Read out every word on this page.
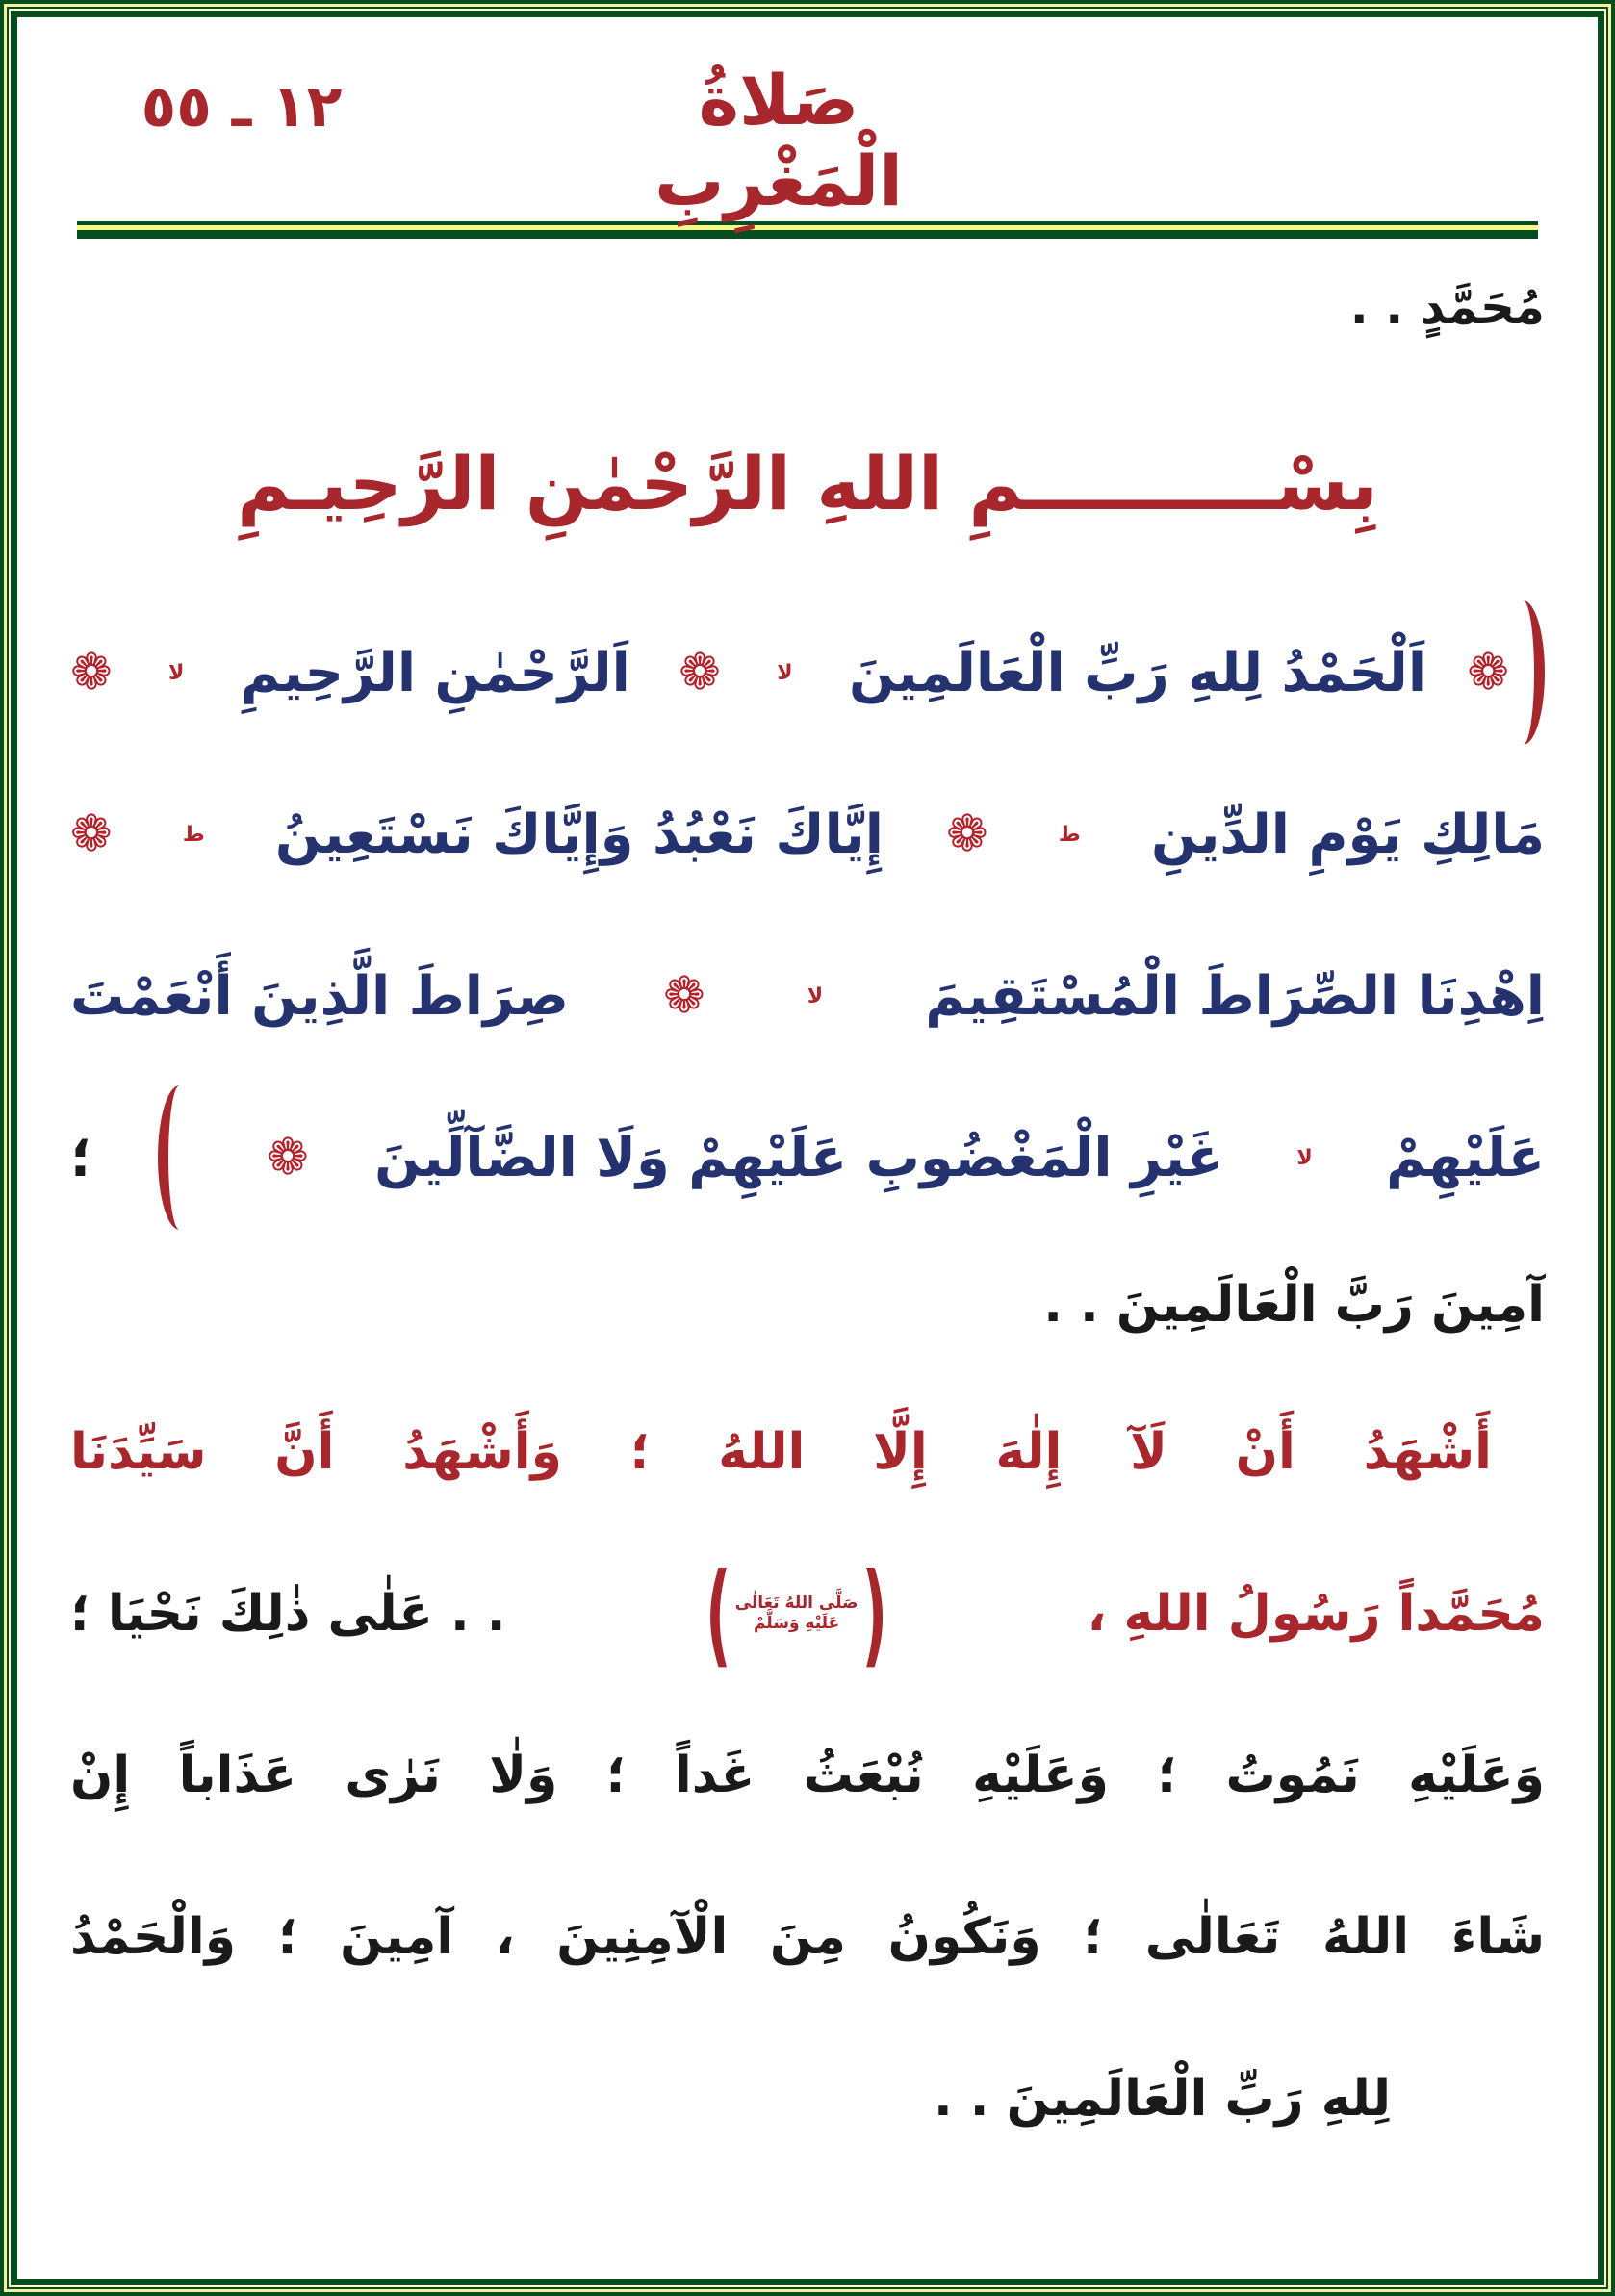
صَلاةُ الْمَغْرِبِ
١٢ ـ ٥٥
مُحَمَّدٍ . .
بِسْــــــــــمِ اللهِ الرَّحْمٰنِ الرَّحِيـمِ
❁
اَلْحَمْدُ لِلهِ رَبِّ الْعَالَمِينَ
لا
❁
اَلرَّحْمٰنِ الرَّحِيمِ
لا
❁
مَالِكِ يَوْمِ الدِّينِ
ط
❁
إِيَّاكَ نَعْبُدُ وَإِيَّاكَ نَسْتَعِينُ
ط
❁
اِهْدِنَا الصِّرَاطَ الْمُسْتَقِيمَ
لا
❁
صِرَاطَ الَّذِينَ أَنْعَمْتَ
عَلَيْهِمْ
لا
غَيْرِ الْمَغْضُوبِ عَلَيْهِمْ وَلَا الضَّآلِّينَ
❁
؛
آمِينَ رَبَّ الْعَالَمِينَ . .
أَشْهَدُ أَنْ لَآ إِلٰهَ إِلَّا اللهُ ؛ وَأَشْهَدُ أَنَّ سَيِّدَنَا
مُحَمَّداً رَسُولُ اللهِ ،
(
صَلَّى اللهُ تَعَالٰى
عَلَيْهِ وَسَلَّمْ
)
. . عَلٰى ذٰلِكَ نَحْيَا ؛
وَعَلَيْهِ نَمُوتُ ؛ وَعَلَيْهِ نُبْعَثُ غَداً ؛ وَلٰا نَرٰى عَذَاباً إِنْ
شَاءَ اللهُ تَعَالٰى ؛ وَنَكُونُ مِنَ الْآمِنِينَ ، آمِينَ ؛ وَالْحَمْدُ
لِلهِ رَبِّ الْعَالَمِينَ . .
